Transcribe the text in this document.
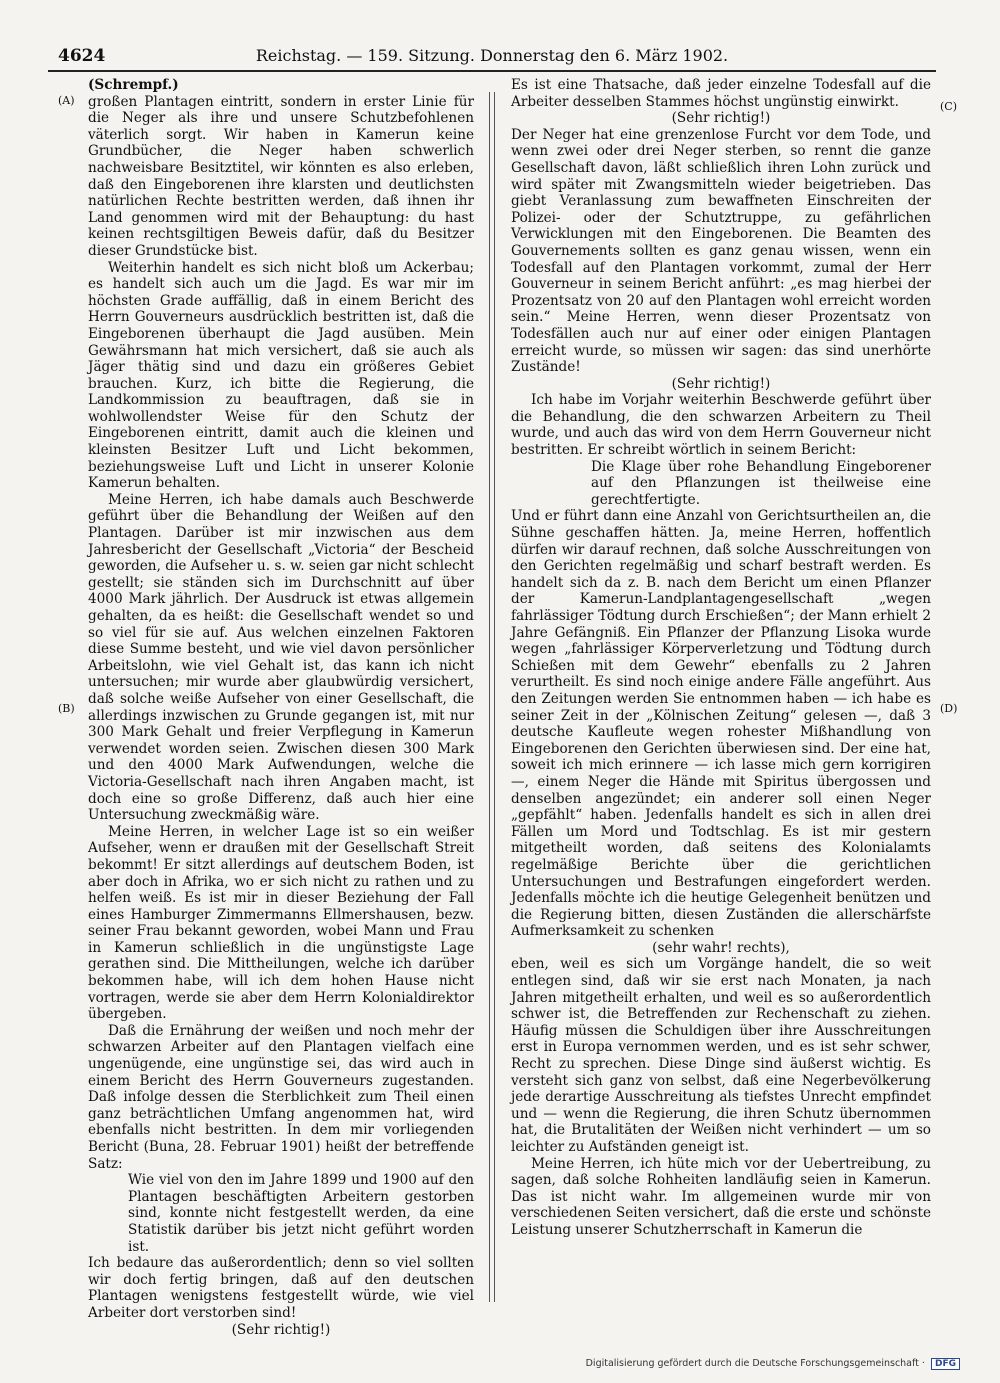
4624	Reichstag. — 159. Sitzung. Donnerstag den 6. März 1902.
(A)
(B)
(C)
(D)

(Schrempf.)

großen Plantagen eintritt, sondern in erster Linie für die Neger als ihre und unsere Schutzbefohlenen väterlich sorgt. Wir haben in Kamerun keine Grundbücher, die Neger haben schwerlich nachweisbare Besitztitel, wir könnten es also erleben, daß den Eingeborenen ihre klarsten und deutlichsten natürlichen Rechte bestritten werden, daß ihnen ihr Land genommen wird mit der Behauptung: du hast keinen rechtsgiltigen Beweis dafür, daß du Besitzer dieser Grundstücke bist.

Weiterhin handelt es sich nicht bloß um Ackerbau; es handelt sich auch um die Jagd. Es war mir im höchsten Grade auffällig, daß in einem Bericht des Herrn Gouverneurs ausdrücklich bestritten ist, daß die Eingeborenen überhaupt die Jagd ausüben. Mein Gewährsmann hat mich versichert, daß sie auch als Jäger thätig sind und dazu ein größeres Gebiet brauchen. Kurz, ich bitte die Regierung, die Landkommission zu beauftragen, daß sie in wohlwollendster Weise für den Schutz der Eingeborenen eintritt, damit auch die kleinen und kleinsten Besitzer Luft und Licht bekommen, beziehungsweise Luft und Licht in unserer Kolonie Kamerun behalten.

Meine Herren, ich habe damals auch Beschwerde geführt über die Behandlung der Weißen auf den Plantagen. Darüber ist mir inzwischen aus dem Jahresbericht der Gesellschaft „Victoria“ der Bescheid geworden, die Aufseher u. s. w. seien gar nicht schlecht gestellt; sie ständen sich im Durchschnitt auf über 4000 Mark jährlich. Der Ausdruck ist etwas allgemein gehalten, da es heißt: die Gesellschaft wendet so und so viel für sie auf. Aus welchen einzelnen Faktoren diese Summe besteht, und wie viel davon persönlicher Arbeitslohn, wie viel Gehalt ist, das kann ich nicht untersuchen; mir wurde aber glaubwürdig versichert, daß solche weiße Aufseher von einer Gesellschaft, die allerdings inzwischen zu Grunde gegangen ist, mit nur 300 Mark Gehalt und freier Verpflegung in Kamerun verwendet worden seien. Zwischen diesen 300 Mark und den 4000 Mark Aufwendungen, welche die Victoria-Gesellschaft nach ihren Angaben macht, ist doch eine so große Differenz, daß auch hier eine Untersuchung zweckmäßig wäre.

Meine Herren, in welcher Lage ist so ein weißer Aufseher, wenn er draußen mit der Gesellschaft Streit bekommt! Er sitzt allerdings auf deutschem Boden, ist aber doch in Afrika, wo er sich nicht zu rathen und zu helfen weiß. Es ist mir in dieser Beziehung der Fall eines Hamburger Zimmermanns Ellmershausen, bezw. seiner Frau bekannt geworden, wobei Mann und Frau in Kamerun schließlich in die ungünstigste Lage gerathen sind. Die Mittheilungen, welche ich darüber bekommen habe, will ich dem hohen Hause nicht vortragen, werde sie aber dem Herrn Kolonialdirektor übergeben.

Daß die Ernährung der weißen und noch mehr der schwarzen Arbeiter auf den Plantagen vielfach eine ungenügende, eine ungünstige sei, das wird auch in einem Bericht des Herrn Gouverneurs zugestanden. Daß infolge dessen die Sterblichkeit zum Theil einen ganz beträchtlichen Umfang angenommen hat, wird ebenfalls nicht bestritten. In dem mir vorliegenden Bericht (Buna, 28. Februar 1901) heißt der betreffende Satz:

Wie viel von den im Jahre 1899 und 1900 auf den Plantagen beschäftigten Arbeitern gestorben sind, konnte nicht festgestellt werden, da eine Statistik darüber bis jetzt nicht geführt worden ist.

Ich bedaure das außerordentlich; denn so viel sollten wir doch fertig bringen, daß auf den deutschen Plantagen wenigstens festgestellt würde, wie viel Arbeiter dort verstorben sind!

(Sehr richtig!)

Es ist eine Thatsache, daß jeder einzelne Todesfall auf die Arbeiter desselben Stammes höchst ungünstig einwirkt.

(Sehr richtig!)

Der Neger hat eine grenzenlose Furcht vor dem Tode, und wenn zwei oder drei Neger sterben, so rennt die ganze Gesellschaft davon, läßt schließlich ihren Lohn zurück und wird später mit Zwangsmitteln wieder beigetrieben. Das giebt Veranlassung zum bewaffneten Einschreiten der Polizei- oder der Schutztruppe, zu gefährlichen Verwicklungen mit den Eingeborenen. Die Beamten des Gouvernements sollten es ganz genau wissen, wenn ein Todesfall auf den Plantagen vorkommt, zumal der Herr Gouverneur in seinem Bericht anführt: „es mag hierbei der Prozentsatz von 20 auf den Plantagen wohl erreicht worden sein.“ Meine Herren, wenn dieser Prozentsatz von Todesfällen auch nur auf einer oder einigen Plantagen erreicht wurde, so müssen wir sagen: das sind unerhörte Zustände!

(Sehr richtig!)

Ich habe im Vorjahr weiterhin Beschwerde geführt über die Behandlung, die den schwarzen Arbeitern zu Theil wurde, und auch das wird von dem Herrn Gouverneur nicht bestritten. Er schreibt wörtlich in seinem Bericht:

Die Klage über rohe Behandlung Eingeborener auf den Pflanzungen ist theilweise eine gerechtfertigte.

Und er führt dann eine Anzahl von Gerichtsurtheilen an, die Sühne geschaffen hätten. Ja, meine Herren, hoffentlich dürfen wir darauf rechnen, daß solche Ausschreitungen von den Gerichten regelmäßig und scharf bestraft werden. Es handelt sich da z. B. nach dem Bericht um einen Pflanzer der Kamerun-Landplantagengesellschaft „wegen fahrlässiger Tödtung durch Erschießen“; der Mann erhielt 2 Jahre Gefängniß. Ein Pflanzer der Pflanzung Lisoka wurde wegen „fahrlässiger Körperverletzung und Tödtung durch Schießen mit dem Gewehr“ ebenfalls zu 2 Jahren verurtheilt. Es sind noch einige andere Fälle angeführt. Aus den Zeitungen werden Sie entnommen haben — ich habe es seiner Zeit in der „Kölnischen Zeitung“ gelesen —, daß 3 deutsche Kaufleute wegen rohester Mißhandlung von Eingeborenen den Gerichten überwiesen sind. Der eine hat, soweit ich mich erinnere — ich lasse mich gern korrigiren —, einem Neger die Hände mit Spiritus übergossen und denselben angezündet; ein anderer soll einen Neger „gepfählt“ haben. Jedenfalls handelt es sich in allen drei Fällen um Mord und Todtschlag. Es ist mir gestern mitgetheilt worden, daß seitens des Kolonialamts regelmäßige Berichte über die gerichtlichen Untersuchungen und Bestrafungen eingefordert werden. Jedenfalls möchte ich die heutige Gelegenheit benützen und die Regierung bitten, diesen Zuständen die allerschärfste Aufmerksamkeit zu schenken

(sehr wahr! rechts),

eben, weil es sich um Vorgänge handelt, die so weit entlegen sind, daß wir sie erst nach Monaten, ja nach Jahren mitgetheilt erhalten, und weil es so außerordentlich schwer ist, die Betreffenden zur Rechenschaft zu ziehen. Häufig müssen die Schuldigen über ihre Ausschreitungen erst in Europa vernommen werden, und es ist sehr schwer, Recht zu sprechen. Diese Dinge sind äußerst wichtig. Es versteht sich ganz von selbst, daß eine Negerbevölkerung jede derartige Ausschreitung als tiefstes Unrecht empfindet und — wenn die Regierung, die ihren Schutz übernommen hat, die Brutalitäten der Weißen nicht verhindert — um so leichter zu Aufständen geneigt ist.

Meine Herren, ich hüte mich vor der Uebertreibung, zu sagen, daß solche Rohheiten landläufig seien in Kamerun. Das ist nicht wahr. Im allgemeinen wurde mir von verschiedenen Seiten versichert, daß die erste und schönste Leistung unserer Schutzherrschaft in Kamerun die

Digitalisierung gefördert durch die Deutsche Forschungsgemeinschaft · DFG
